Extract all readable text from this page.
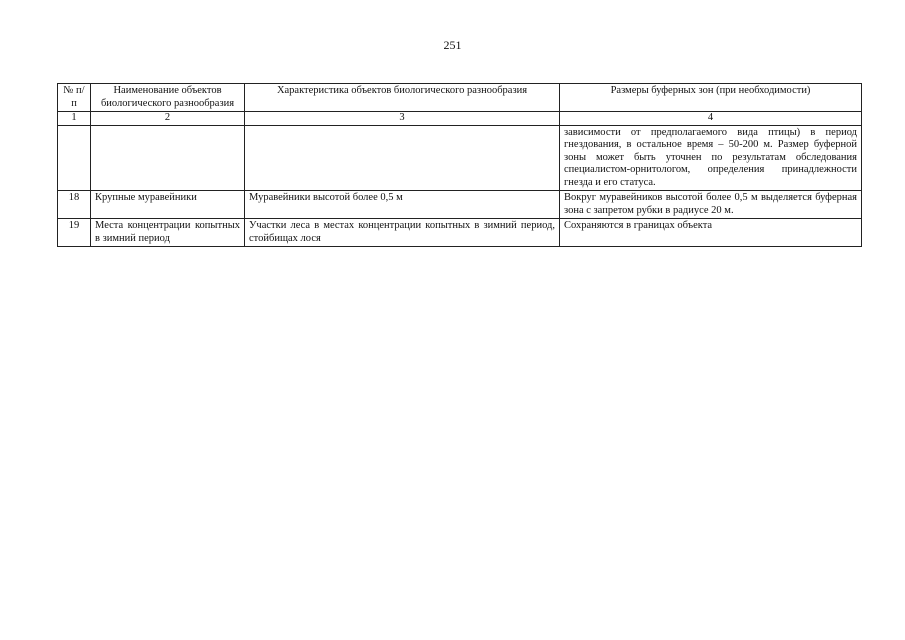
251
№ п/п	Наименование объектов биологического разнообразия	Характеристика объектов биологического разнообразия	Размеры буферных зон (при необходимости)
1	2	3	4
			зависимости от предполагаемого вида птицы) в период гнездования, в остальное время – 50-200 м. Размер буферной зоны может быть уточнен по результатам обследования специалистом-орнитологом, определения принадлежности гнезда и его статуса.
18	Крупные муравейники	Муравейники высотой более 0,5 м	Вокруг муравейников высотой более 0,5 м выделяется буферная зона с запретом рубки в радиусе 20 м.
19	Места концентрации копытных в зимний период	Участки леса в местах концентрации копытных в зимний период, стойбищах лося	Сохраняются в границах объекта
